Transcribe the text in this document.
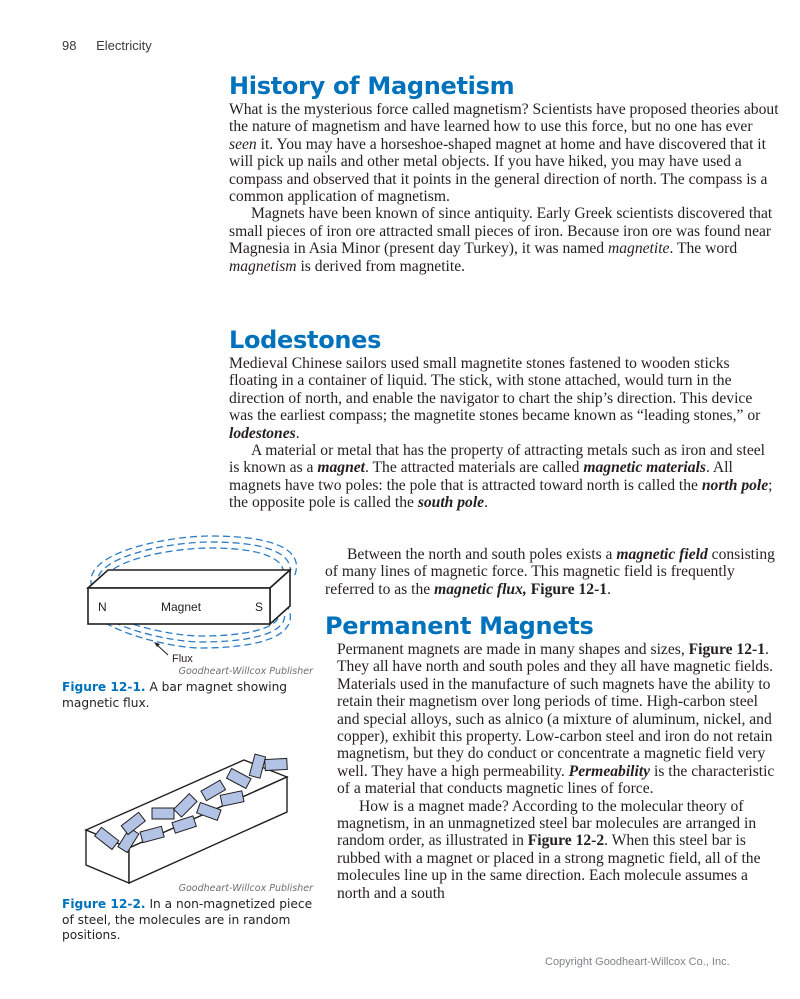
98 Electricity
History of Magnetism

What is the mysterious force called magnetism? Scientists have proposed theories about the nature of magnetism and have learned how to use this force, but no one has ever seen it. You may have a horseshoe-shaped magnet at home and have discovered that it will pick up nails and other metal objects. If you have hiked, you may have used a compass and observed that it points in the general direction of north. The compass is a common application of magnetism.

Magnets have been known of since antiquity. Early Greek scientists discovered that small pieces of iron ore attracted small pieces of iron. Because iron ore was found near Magnesia in Asia Minor (present day Turkey), it was named magnetite. The word magnetism is derived from magnetite.

Lodestones

Medieval Chinese sailors used small magnetite stones fastened to wooden sticks floating in a container of liquid. The stick, with stone attached, would turn in the direction of north, and enable the navigator to chart the ship’s direction. This device was the earliest compass; the magnetite stones became known as “leading stones,” or lodestones.

A material or metal that has the property of attracting metals such as iron and steel is known as a magnet. The attracted materials are called magnetic materials. All magnets have two poles: the pole that is attracted toward north is called the north pole; the opposite pole is called the south pole.

Between the north and south poles exists a magnetic field consisting of many lines of magnetic force. This magnetic field is frequently referred to as the magnetic flux, Figure 12-1.

Permanent Magnets

Permanent magnets are made in many shapes and sizes, Figure 12-1. They all have north and south poles and they all have magnetic fields. Materials used in the manufacture of such magnets have the ability to retain their magnetism over long periods of time. High-carbon steel and special alloys, such as alnico (a mixture of aluminum, nickel, and copper), exhibit this property. Low-carbon steel and iron do not retain magnetism, but they do conduct or concentrate a magnetic field very well. They have a high permeability. Permeability is the characteristic of a material that conducts magnetic lines of force.

How is a magnet made? According to the molecular theory of magnetism, in an unmagnetized steel bar molecules are arranged in random order, as illustrated in Figure 12-2. When this steel bar is rubbed with a magnet or placed in a strong magnetic field, all of the molecules line up in the same direction. Each molecule assumes a north and a south

N	Magnet	S
Flux
Goodheart-Willcox Publisher
Figure 12-1. A bar magnet showing magnetic flux.
Goodheart-Willcox Publisher
Figure 12-2. In a non-magnetized piece of steel, the molecules are in random positions.
Copyright Goodheart-Willcox Co., Inc.
